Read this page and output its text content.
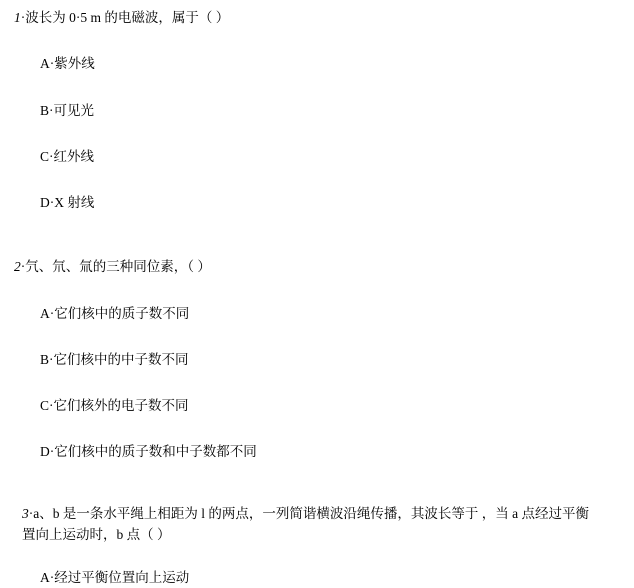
1·波长为 0·5 m 的电磁波，属于（ ）
A·紫外线
B·可见光
C·红外线
D·X 射线
2·氕、氘、氚的三种同位素，（ ）
A·它们核中的质子数不同
B·它们核中的中子数不同
C·它们核外的电子数不同
D·它们核中的质子数和中子数都不同
3·a、b 是一条水平绳上相距为 l 的两点，一列简谐横波沿绳传播，其波长等于 ，当 a 点经过平衡
置向上运动时，b 点（ ）
A·经过平衡位置向上运动
